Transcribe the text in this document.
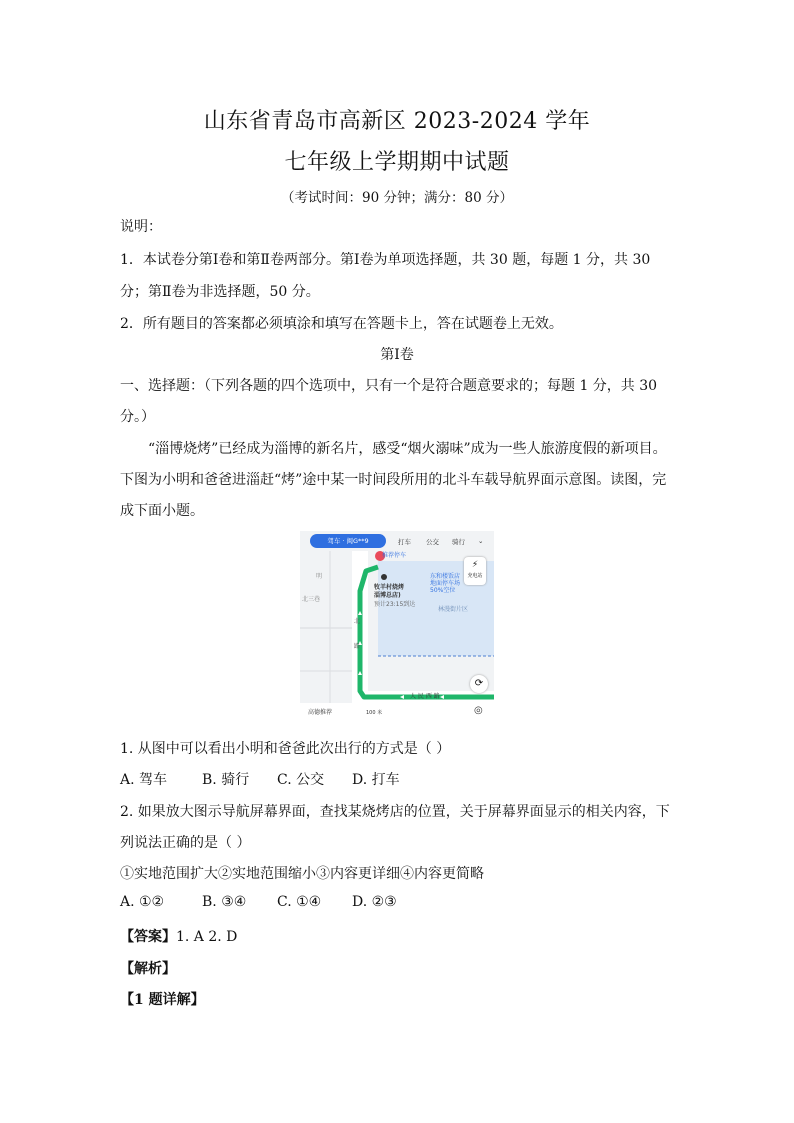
山东省青岛市高新区 2023-2024 学年
七年级上学期期中试题
（考试时间：90 分钟；满分：80 分）
说明：
1．本试卷分第Ⅰ卷和第Ⅱ卷两部分。第Ⅰ卷为单项选择题，共 30 题，每题 1 分，共 30
分；第Ⅱ卷为非选择题，50 分。
2．所有题目的答案都必须填涂和填写在答题卡上，答在试题卷上无效。
第Ⅰ卷
一、选择题：（下列各题的四个选项中，只有一个是符合题意要求的；每题 1 分，共 30
分。）
“淄博烧烤”已经成为淄博的新名片，感受“烟火溺味”成为一些人旅游度假的新项目。
下图为小明和爸爸进淄赶“烤”途中某一时间段所用的北斗车载导航界面示意图。读图，完
成下面小题。
驾车 · 闽G**9	打车 公交 骑行 ⌄
推荐停车
牧羊村烧烤
淄博总店)
预计23:15到达
东和楼饭店
地面停车场
50%空位
林漫街片区
北
路
人 民 西 路
明
北三巷
⚡

充电站
⟳
高德推荐	100 米	◎
1. 从图中可以看出小明和爸爸此次出行的方式是（ ）
A. 驾车 B. 骑行 C. 公交 D. 打车
2. 如果放大图示导航屏幕界面，查找某烧烤店的位置，关于屏幕界面显示的相关内容，下
列说法正确的是（ ）
①实地范围扩大②实地范围缩小③内容更详细④内容更简略
A. ①②	B. ③④ C. ①④ D. ②③
【答案】1. A 2. D
【解析】
【1 题详解】
